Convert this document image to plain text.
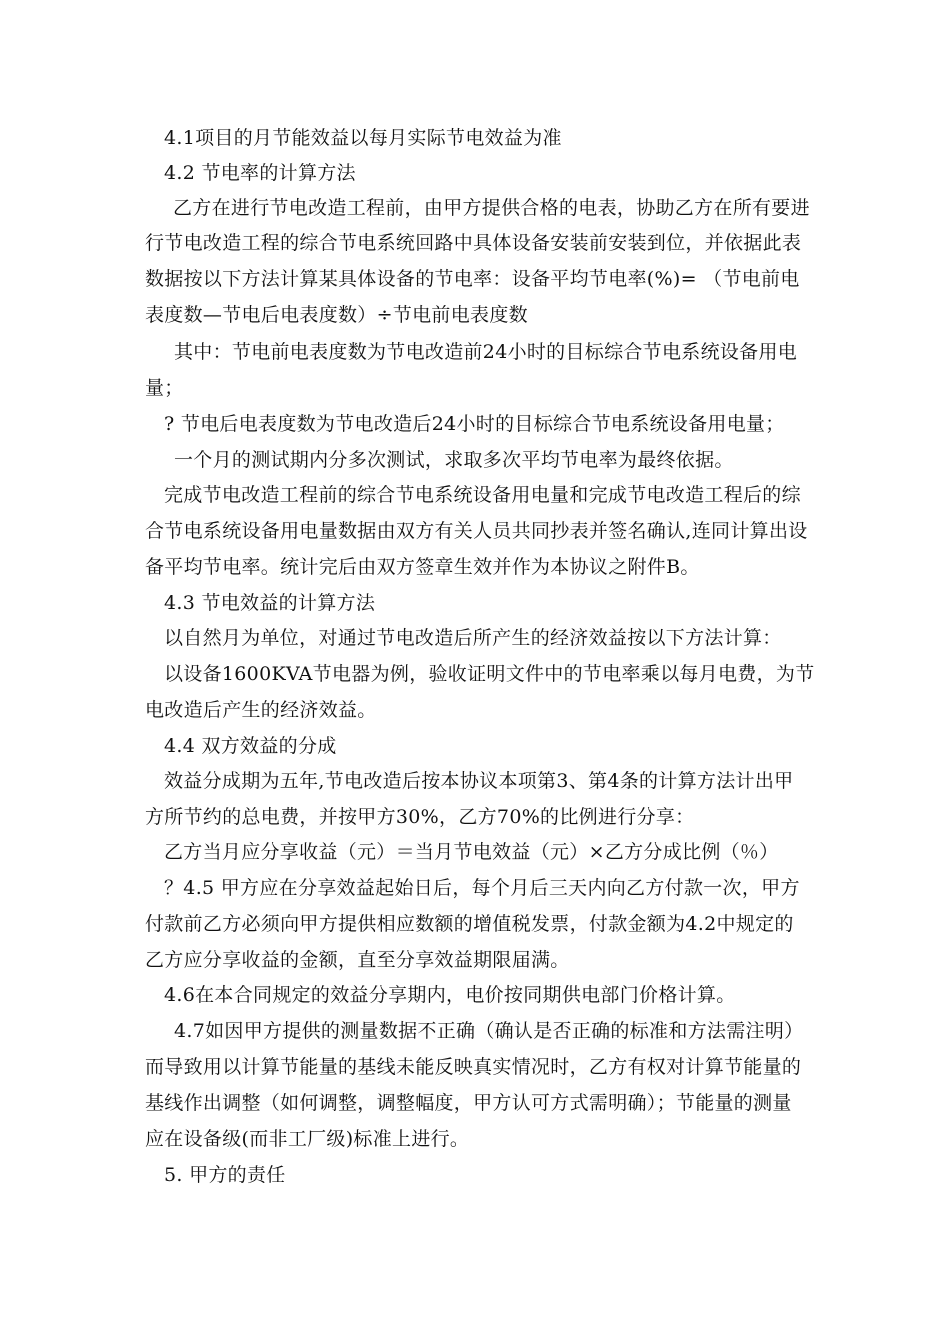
4.1项目的月节能效益以每月实际节电效益为准
4.2 节电率的计算方法
乙方在进行节电改造工程前，由甲方提供合格的电表，协助乙方在所有要进
行节电改造工程的综合节电系统回路中具体设备安装前安装到位，并依据此表
数据按以下方法计算某具体设备的节电率：设备平均节电率(%)= （节电前电
表度数—节电后电表度数）÷节电前电表度数
其中：节电前电表度数为节电改造前24小时的目标综合节电系统设备用电
量；
? 节电后电表度数为节电改造后24小时的目标综合节电系统设备用电量；
一个月的测试期内分多次测试，求取多次平均节电率为最终依据。
完成节电改造工程前的综合节电系统设备用电量和完成节电改造工程后的综
合节电系统设备用电量数据由双方有关人员共同抄表并签名确认,连同计算出设
备平均节电率。统计完后由双方签章生效并作为本协议之附件B。
4.3 节电效益的计算方法
以自然月为单位，对通过节电改造后所产生的经济效益按以下方法计算：
以设备1600KVA节电器为例，验收证明文件中的节电率乘以每月电费，为节
电改造后产生的经济效益。
4.4 双方效益的分成
效益分成期为五年,节电改造后按本协议本项第3、第4条的计算方法计出甲
方所节约的总电费，并按甲方30%，乙方70%的比例进行分享：
乙方当月应分享收益（元）＝当月节电效益（元）×乙方分成比例（％）
？4.5 甲方应在分享效益起始日后，每个月后三天内向乙方付款一次，甲方
付款前乙方必须向甲方提供相应数额的增值税发票，付款金额为4.2中规定的
乙方应分享收益的金额，直至分享效益期限届满。
4.6在本合同规定的效益分享期内，电价按同期供电部门价格计算。
4.7如因甲方提供的测量数据不正确（确认是否正确的标准和方法需注明）
而导致用以计算节能量的基线未能反映真实情况时，乙方有权对计算节能量的
基线作出调整（如何调整，调整幅度，甲方认可方式需明确）；节能量的测量
应在设备级(而非工厂级)标准上进行。
5. 甲方的责任
